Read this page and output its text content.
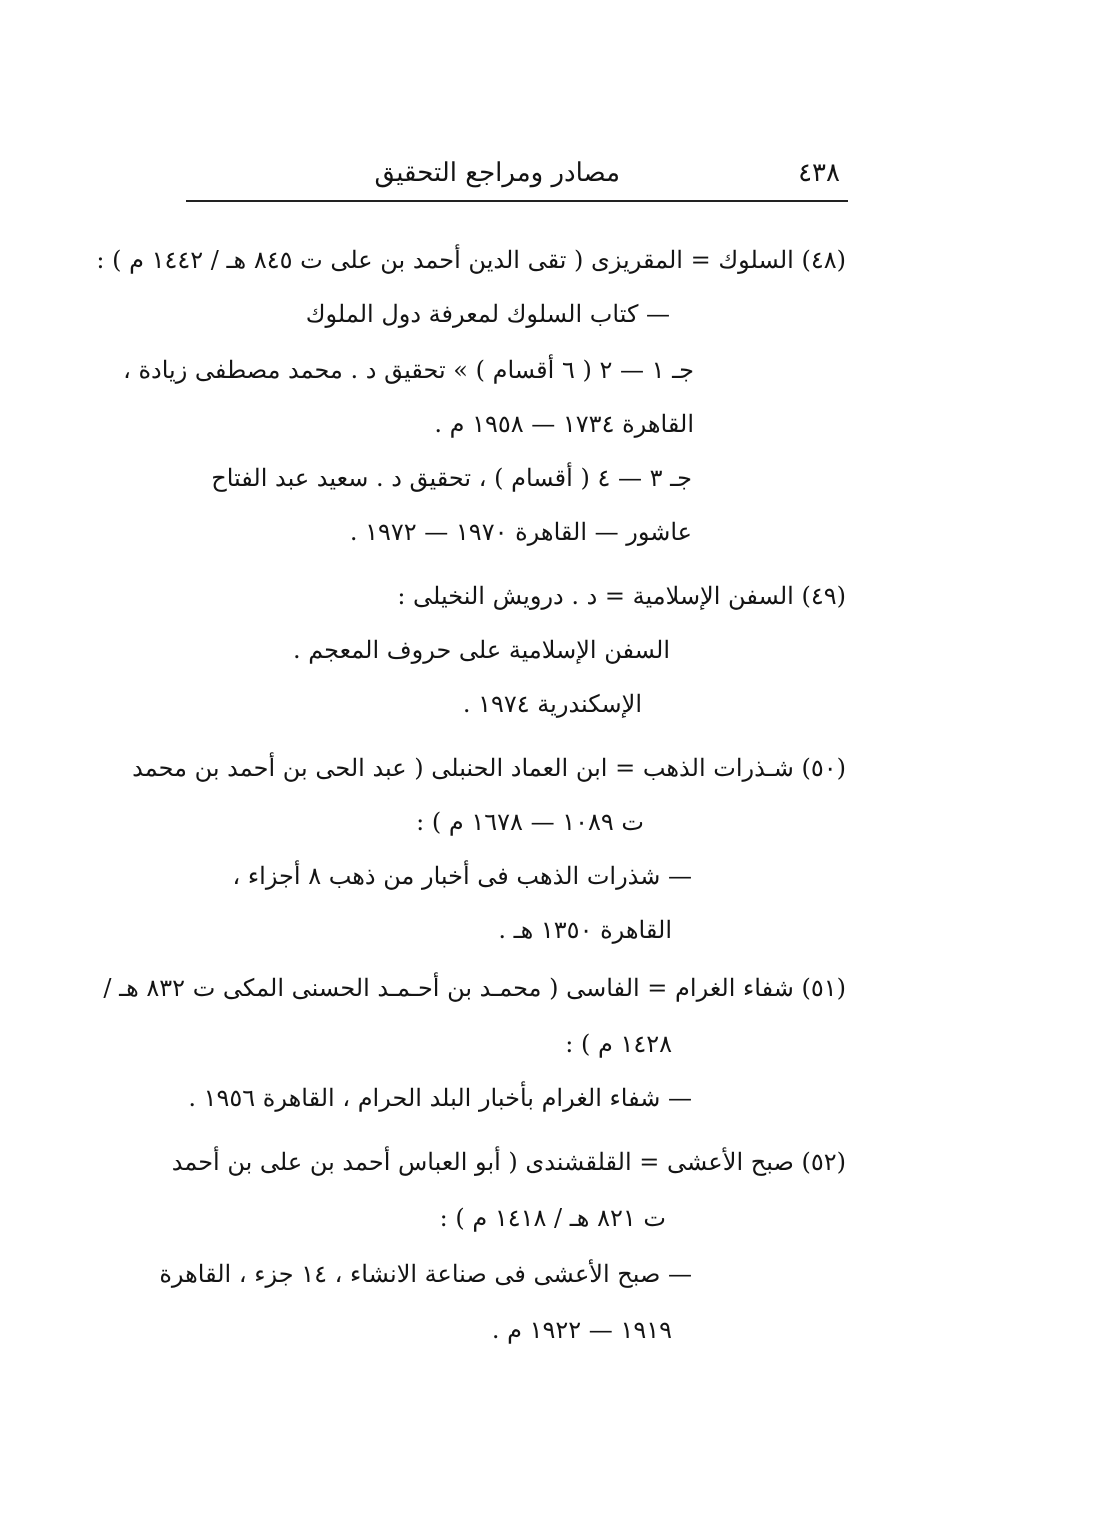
٤٣٨
مصادر ومراجع التحقيق
(٤٨) السلوك = المقريزى ( تقى الدين أحمد بن على ت ٨٤٥ هـ / ١٤٤٢ م ) :
— كتاب السلوك لمعرفة دول الملوك
جـ ١ — ٢ ( ٦ أقسام ) » تحقيق د . محمد مصطفى زيادة ،
القاهرة ١٧٣٤ — ١٩٥٨ م .
جـ ٣ — ٤ ( أقسام ) ، تحقيق د . سعيد عبد الفتاح
عاشور — القاهرة ١٩٧٠ — ١٩٧٢ .
(٤٩) السفن الإسلامية = د . درويش النخيلى :
السفن الإسلامية على حروف المعجم .
الإسكندرية ١٩٧٤ .
(٥٠) شـذرات الذهب = ابن العماد الحنبلى ( عبد الحى بن أحمد بن محمد
ت ١٠٨٩ — ١٦٧٨ م ) :
— شذرات الذهب فى أخبار من ذهب ٨ أجزاء ،
القاهرة ١٣٥٠ هـ .
(٥١) شفاء الغرام = الفاسى ( محمـد بن أحـمـد الحسنى المكى ت ٨٣٢ هـ /
١٤٢٨ م ) :
— شفاء الغرام بأخبار البلد الحرام ، القاهرة ١٩٥٦ .
(٥٢) صبح الأعشى = القلقشندى ( أبو العباس أحمد بن على بن أحمد
ت ٨٢١ هـ / ١٤١٨ م ) :
— صبح الأعشى فى صناعة الانشاء ، ١٤ جزء ، القاهرة
١٩١٩ — ١٩٢٢ م .
